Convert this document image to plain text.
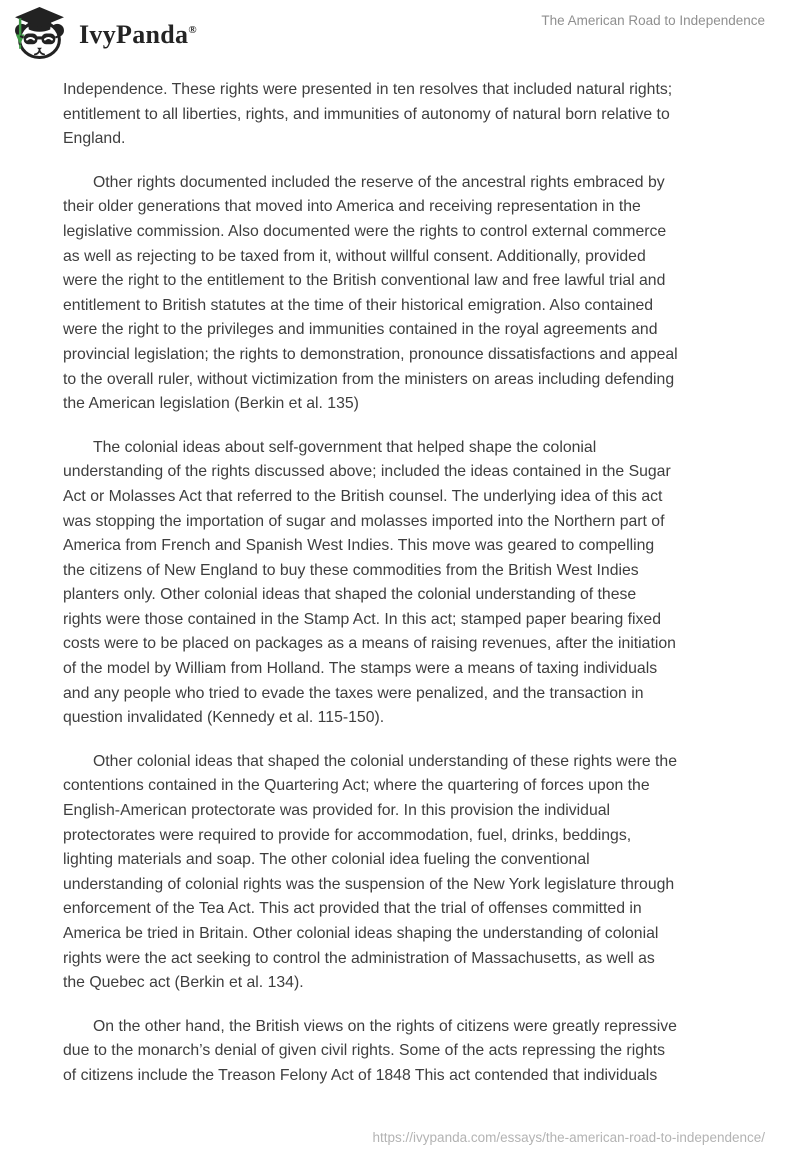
IvyPanda®
The American Road to Independence
Independence. These rights were presented in ten resolves that included natural rights;
entitlement to all liberties, rights, and immunities of autonomy of natural born relative to
England.
Other rights documented included the reserve of the ancestral rights embraced by
their older generations that moved into America and receiving representation in the
legislative commission. Also documented were the rights to control external commerce
as well as rejecting to be taxed from it, without willful consent. Additionally, provided
were the right to the entitlement to the British conventional law and free lawful trial and
entitlement to British statutes at the time of their historical emigration. Also contained
were the right to the privileges and immunities contained in the royal agreements and
provincial legislation; the rights to demonstration, pronounce dissatisfactions and appeal
to the overall ruler, without victimization from the ministers on areas including defending
the American legislation (Berkin et al. 135)
The colonial ideas about self-government that helped shape the colonial
understanding of the rights discussed above; included the ideas contained in the Sugar
Act or Molasses Act that referred to the British counsel. The underlying idea of this act
was stopping the importation of sugar and molasses imported into the Northern part of
America from French and Spanish West Indies. This move was geared to compelling
the citizens of New England to buy these commodities from the British West Indies
planters only. Other colonial ideas that shaped the colonial understanding of these
rights were those contained in the Stamp Act. In this act; stamped paper bearing fixed
costs were to be placed on packages as a means of raising revenues, after the initiation
of the model by William from Holland. The stamps were a means of taxing individuals
and any people who tried to evade the taxes were penalized, and the transaction in
question invalidated (Kennedy et al. 115-150).
Other colonial ideas that shaped the colonial understanding of these rights were the
contentions contained in the Quartering Act; where the quartering of forces upon the
English-American protectorate was provided for. In this provision the individual
protectorates were required to provide for accommodation, fuel, drinks, beddings,
lighting materials and soap. The other colonial idea fueling the conventional
understanding of colonial rights was the suspension of the New York legislature through
enforcement of the Tea Act. This act provided that the trial of offenses committed in
America be tried in Britain. Other colonial ideas shaping the understanding of colonial
rights were the act seeking to control the administration of Massachusetts, as well as
the Quebec act (Berkin et al. 134).
On the other hand, the British views on the rights of citizens were greatly repressive
due to the monarch’s denial of given civil rights. Some of the acts repressing the rights
of citizens include the Treason Felony Act of 1848 This act contended that individuals
https://ivypanda.com/essays/the-american-road-to-independence/
